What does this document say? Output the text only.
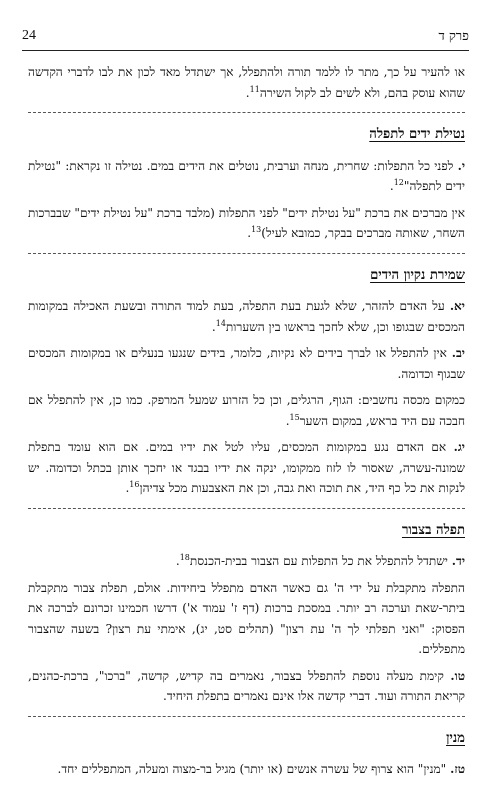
24	פרק ד

או להעיר על כך, מתר לו ללמד תורה ולהתפלל, אך ישתדל מאד לכון את לבו לדברי הקדשה שהוא עוסק בהם, ולא לשים לב לקול השירה$^{11}$.

נטילת ידים לתפלה

י. לפני כל התפלות: שחרית, מנחה וערבית, נוטלים את הידים במים. נטילה זו נקראת: "נטילת ידים לתפלה"$^{12}$.

אין מברכים את ברכת "על נטילת ידים" לפני התפלות (מלבד ברכת "על נטילת ידים" שבברכות השחר, שאותה מברכים בבקר, כמובא לעיל)$^{13}$.

שמירת נקיון הידים

יא. על האדם להזהר, שלא לגעת בעת התפלה, בעת למוד התורה ובשעת האכילה במקומות המכסים שבגופו וכן, שלא לחכך בראשו בין השערות$^{14}$.

יב. אין להתפלל או לברך בידים לא נקיות, כלומר, בידים שנגעו בנעלים או במקומות המכסים שבגוף וכדומה.

כמקום מכסה נחשבים: הגוף, הרגלים, וכן כל הזרוע שמעל המרפק. כמו כן, אין להתפלל אם חבכה עם היד בראש, במקום השער$^{15}$.

יג. אם האדם נגע במקומות המכסים, עליו לטל את ידיו במים. אם הוא עומד בתפלת שמונה-עשרה, שאסור לו לזוז ממקומו, ינקה את ידיו בבגד או יחכך אותן בכתל וכדומה. יש לנקות את כל כף היד, את תוכה ואת גבה, וכן את האצבעות מכל צדיהן$^{16}$.

תפלה בצבור

יד. ישתדל להתפלל את כל התפלות עם הצבור בבית-הכנסת$^{18}$.

התפלה מתקבלת על ידי ה' גם כאשר האדם מתפלל ביחידות. אולם, תפלת צבור מתקבלת ביתר-שאת וערכה רב יותר. במסכת ברכות (דף ז' עמוד א') דרשו חכמינו זכרונם לברכה את הפסוק: "ואני תפלתי לך ה' עת רצון" (תהלים סט, יג), אימתי עת רצון? בשעה שהצבור מתפללים.

טו. קימת מעלה נוספת להתפלל בצבור, נאמרים בה קדיש, קדשה, "ברכו", ברכת-כהנים, קריאת התורה ועוד. דברי קדשה אלו אינם נאמרים בתפלת היחיד.

מנין

טז. "מנין" הוא צרוף של עשרה אנשים (או יותר) מגיל בר-מצוה ומעלה, המתפללים יחד.
